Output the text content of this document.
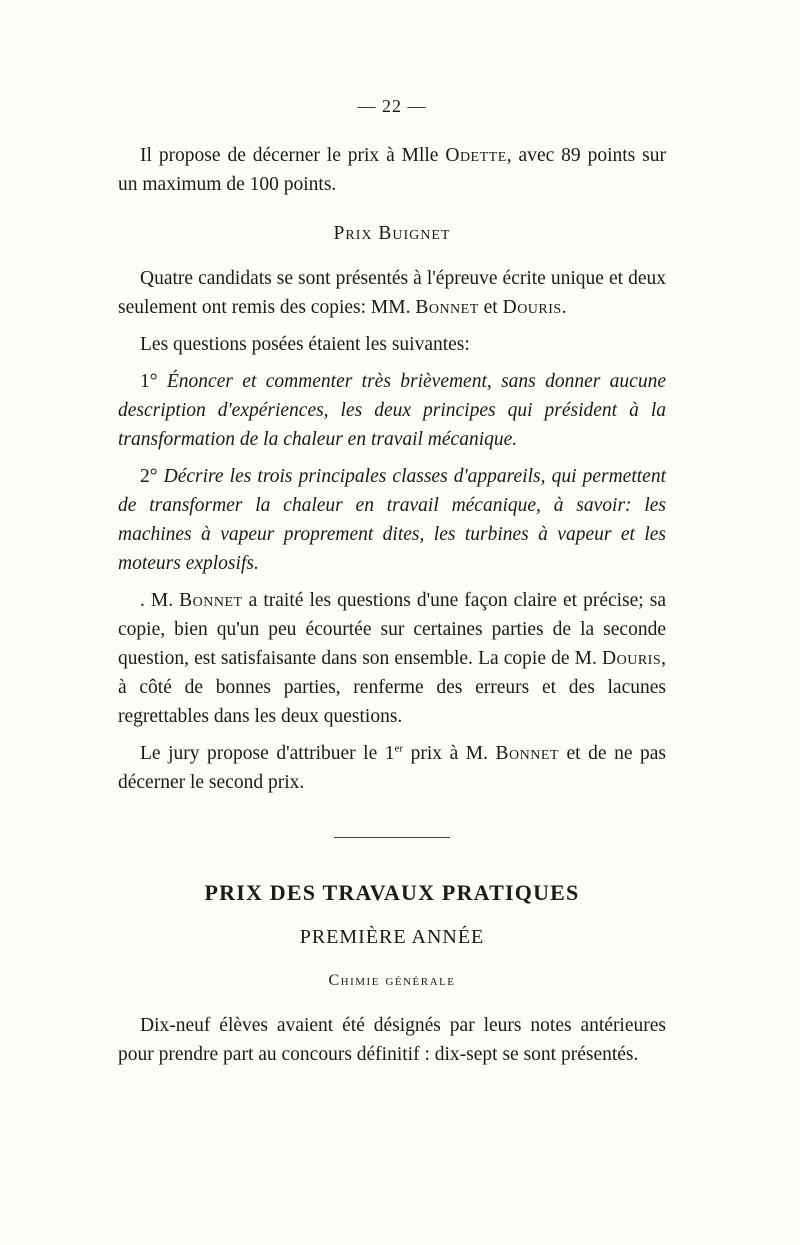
— 22 —

Il propose de décerner le prix à Mlle Odette, avec 89 points sur un maximum de 100 points.

Prix Buignet

Quatre candidats se sont présentés à l'épreuve écrite unique et deux seulement ont remis des copies: MM. Bonnet et Douris.

Les questions posées étaient les suivantes:

1° Énoncer et commenter très brièvement, sans donner aucune description d'expériences, les deux principes qui président à la transformation de la chaleur en travail mécanique.

2° Décrire les trois principales classes d'appareils, qui permettent de transformer la chaleur en travail mécanique, à savoir: les machines à vapeur proprement dites, les turbines à vapeur et les moteurs explosifs.

. M. Bonnet a traité les questions d'une façon claire et précise; sa copie, bien qu'un peu écourtée sur certaines parties de la seconde question, est satisfaisante dans son ensemble. La copie de M. Douris, à côté de bonnes parties, renferme des erreurs et des lacunes regrettables dans les deux questions.

Le jury propose d'attribuer le 1er prix à M. Bonnet et de ne pas décerner le second prix.

PRIX DES TRAVAUX PRATIQUES
PREMIÈRE ANNÉE
Chimie générale

Dix-neuf élèves avaient été désignés par leurs notes antérieures pour prendre part au concours définitif : dix-sept se sont présentés.
